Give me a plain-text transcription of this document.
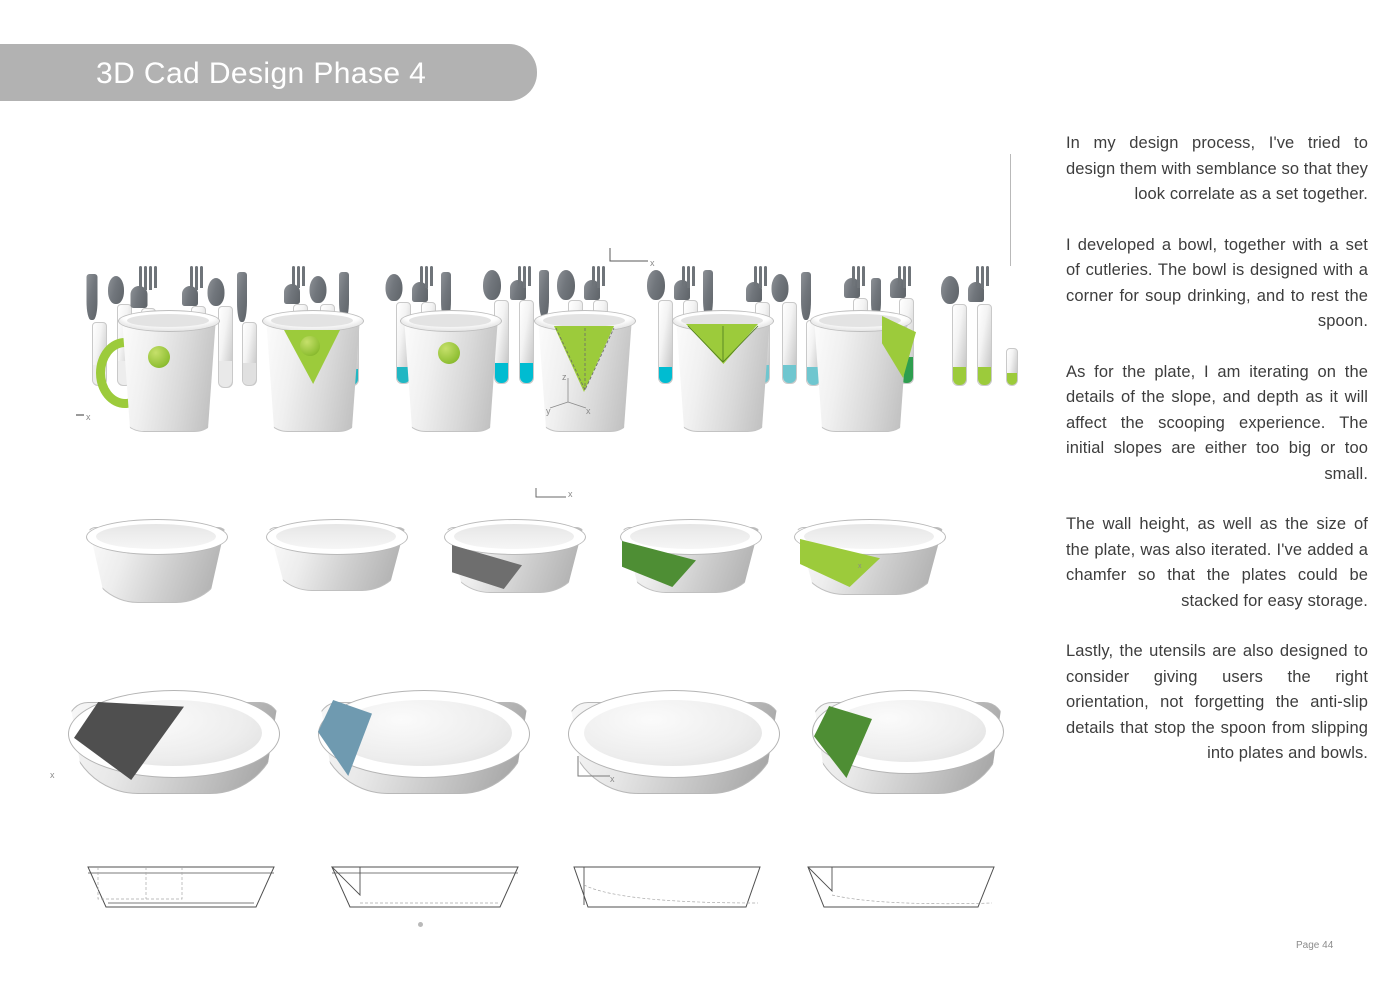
3D Cad Design Phase 4
x
x
z
y	x
x
x
x	x

In my design process, I've tried to design them with semblance so that they look correlate as a set together.

I developed a bowl, together with a set of cutleries. The bowl is designed with a corner for soup drinking, and to rest the spoon.

As for the plate, I am iterating on the details of the slope, and depth as it will affect the scooping experience. The initial slopes are either too big or too small.

The wall height, as well as the size of the plate, was also iterated. I've added a chamfer so that the plates could be stacked for easy storage.

Lastly, the utensils are also designed to consider giving users the right orientation, not forgetting the anti-slip details that stop the spoon from slipping into plates and bowls.

Page 44
